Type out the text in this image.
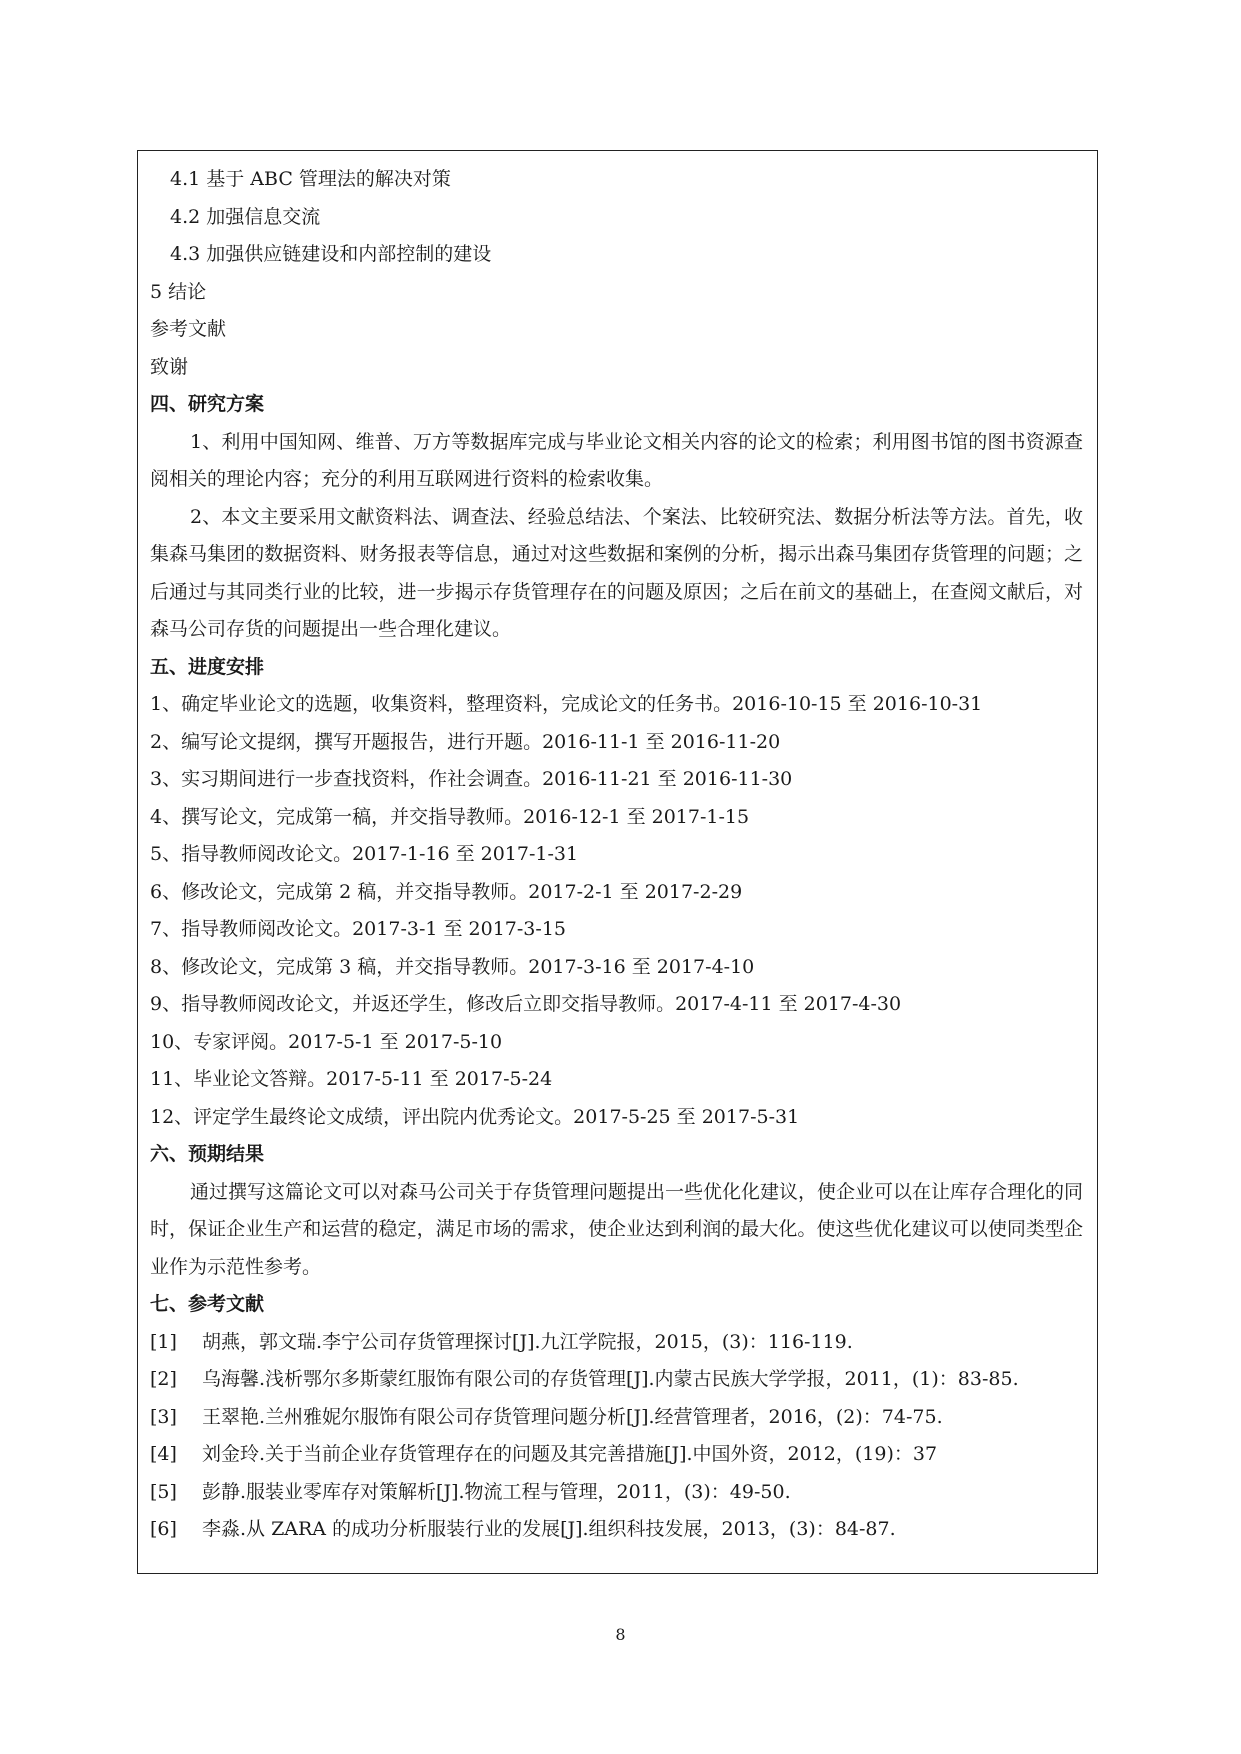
4.1 基于 ABC 管理法的解决对策
4.2 加强信息交流
4.3 加强供应链建设和内部控制的建设
5 结论
参考文献
致谢
四、研究方案
1、利用中国知网、维普、万方等数据库完成与毕业论文相关内容的论文的检索；利用图书馆的图书资源查阅相关的理论内容；充分的利用互联网进行资料的检索收集。
2、本文主要采用文献资料法、调查法、经验总结法、个案法、比较研究法、数据分析法等方法。首先，收集森马集团的数据资料、财务报表等信息，通过对这些数据和案例的分析，揭示出森马集团存货管理的问题；之后通过与其同类行业的比较，进一步揭示存货管理存在的问题及原因；之后在前文的基础上，在查阅文献后，对森马公司存货的问题提出一些合理化建议。
五、进度安排
1、确定毕业论文的选题，收集资料，整理资料，完成论文的任务书。2016-10-15 至 2016-10-31
2、编写论文提纲，撰写开题报告，进行开题。2016-11-1 至 2016-11-20
3、实习期间进行一步查找资料，作社会调查。2016-11-21 至 2016-11-30
4、撰写论文，完成第一稿，并交指导教师。2016-12-1 至 2017-1-15
5、指导教师阅改论文。2017-1-16 至 2017-1-31
6、修改论文，完成第 2 稿，并交指导教师。2017-2-1 至 2017-2-29
7、指导教师阅改论文。2017-3-1 至 2017-3-15
8、修改论文，完成第 3 稿，并交指导教师。2017-3-16 至 2017-4-10
9、指导教师阅改论文，并返还学生，修改后立即交指导教师。2017-4-11 至 2017-4-30
10、专家评阅。2017-5-1 至 2017-5-10
11、毕业论文答辩。2017-5-11 至 2017-5-24
12、评定学生最终论文成绩，评出院内优秀论文。2017-5-25 至 2017-5-31
六、预期结果
通过撰写这篇论文可以对森马公司关于存货管理问题提出一些优化化建议，使企业可以在让库存合理化的同时，保证企业生产和运营的稳定，满足市场的需求，使企业达到利润的最大化。使这些优化建议可以使同类型企业作为示范性参考。
七、参考文献
[1]	胡燕，郭文瑞.李宁公司存货管理探讨[J].九江学院报，2015，(3)：116-119.
[2]	乌海馨.浅析鄂尔多斯蒙红服饰有限公司的存货管理[J].内蒙古民族大学学报，2011，(1)：83-85.
[3]	王翠艳.兰州雅妮尔服饰有限公司存货管理问题分析[J].经营管理者，2016，(2)：74-75.
[4]	刘金玲.关于当前企业存货管理存在的问题及其完善措施[J].中国外资，2012，(19)：37
[5]	彭静.服装业零库存对策解析[J].物流工程与管理，2011，(3)：49-50.
[6]	李淼.从 ZARA 的成功分析服装行业的发展[J].组织科技发展，2013，(3)：84-87.
8
